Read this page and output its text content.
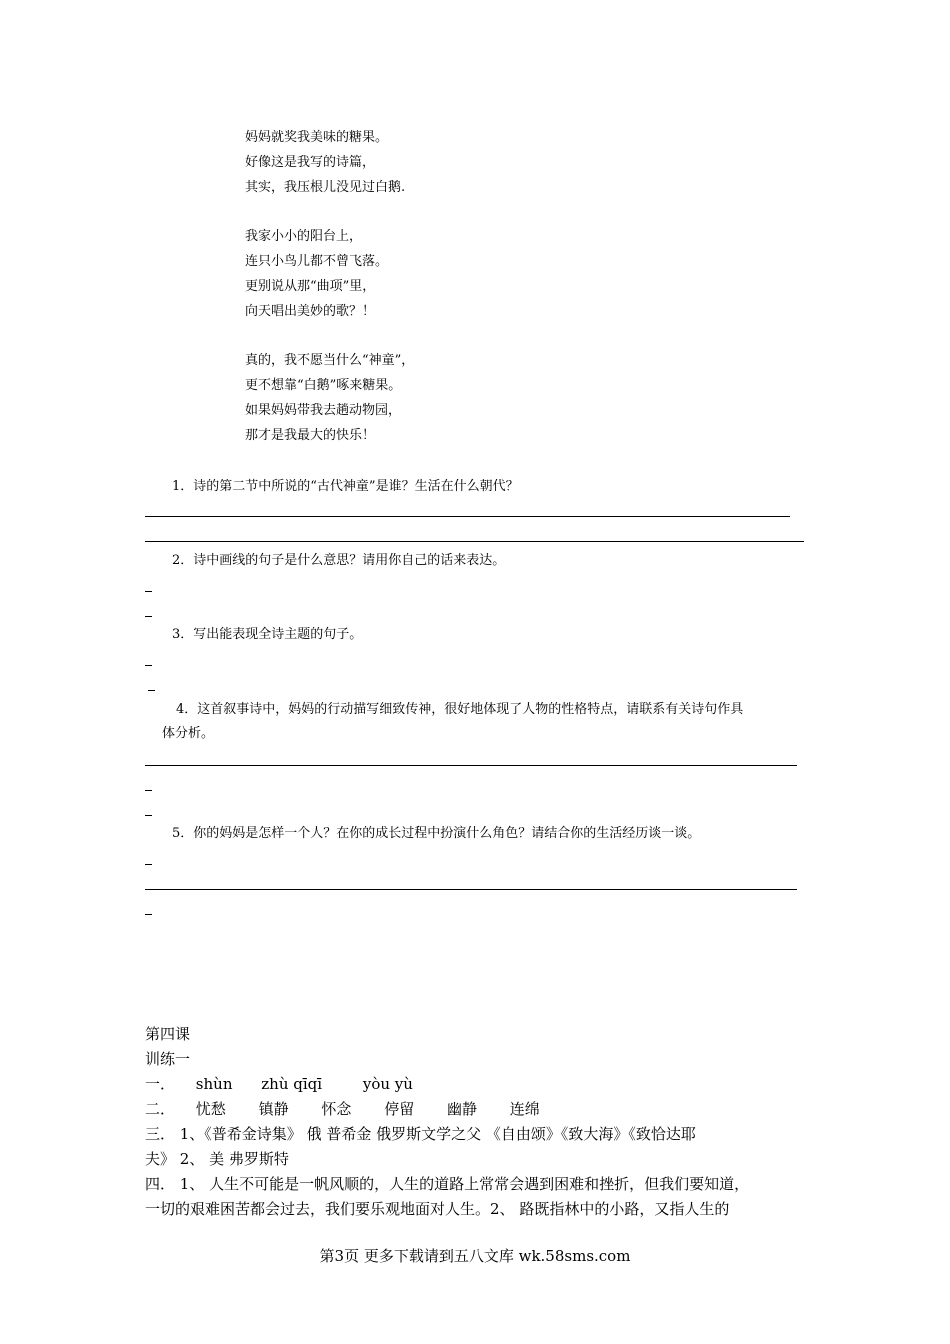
妈妈就奖我美味的糖果。
好像这是我写的诗篇，
其实，我压根儿没见过白鹅.
我家小小的阳台上，
连只小鸟儿都不曾飞落。
更别说从那“曲项”里，
向天唱出美妙的歌？！
真的，我不愿当什么“神童”，
更不想靠“白鹅”啄来糖果。
如果妈妈带我去趟动物园，
那才是我最大的快乐！
1．诗的第二节中所说的“古代神童”是谁？生活在什么朝代？
2．诗中画线的句子是什么意思？请用你自己的话来表达。
3．写出能表现全诗主题的句子。
4．这首叙事诗中，妈妈的行动描写细致传神，很好地体现了人物的性格特点，请联系有关诗句作具
体分析。
5．你的妈妈是怎样一个人？在你的成长过程中扮演什么角色？请结合你的生活经历谈一谈。
第四课
训练一
一． shùn zhù qīqī	yòu yù
二． 忧愁 镇静 怀念 停留 幽静 连绵
三． 1、《普希金诗集》 俄 普希金 俄罗斯文学之父 《自由颂》《致大海》《致恰达耶
夫》 2、 美 弗罗斯特
四． 1、 人生不可能是一帆风顺的，人生的道路上常常会遇到困难和挫折，但我们要知道，
一切的艰难困苦都会过去，我们要乐观地面对人生。2、 路既指林中的小路，又指人生的
第3页 更多下载请到五八文库 wk.58sms.com
